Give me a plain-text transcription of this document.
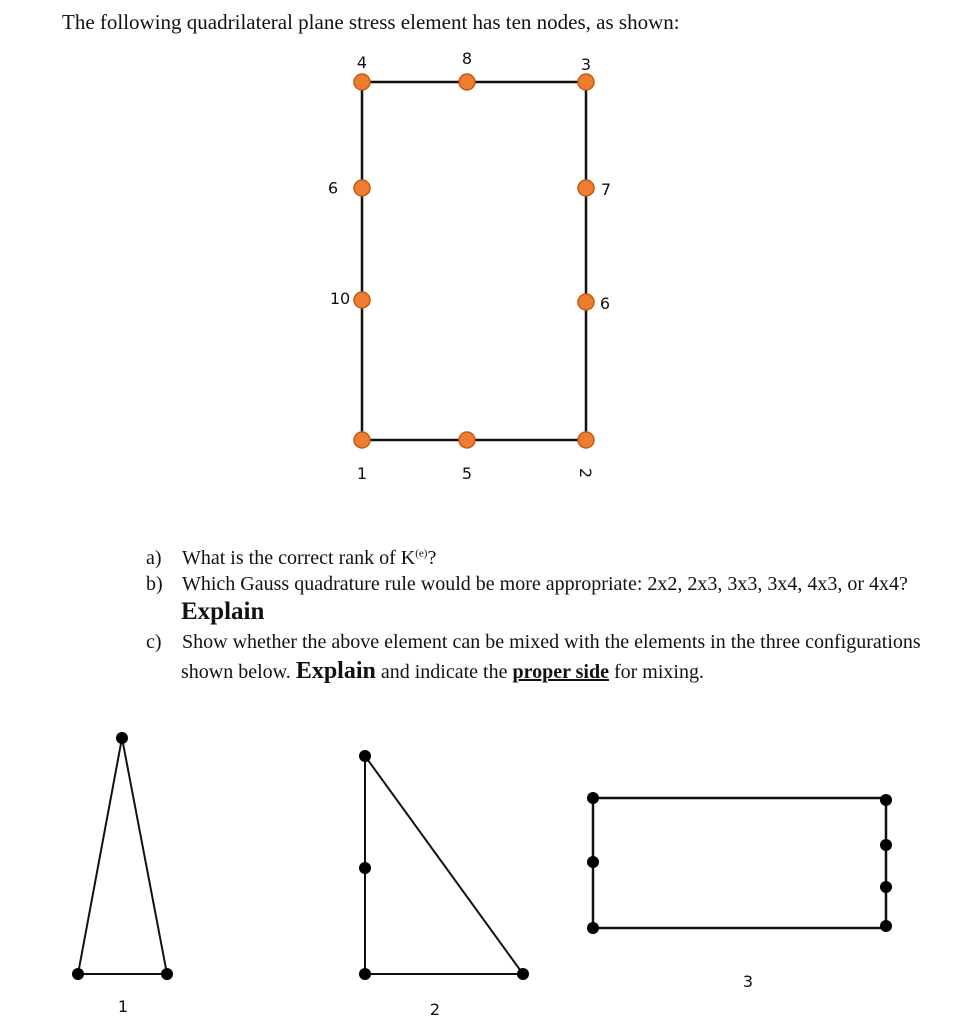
The following quadrilateral plane stress element has ten nodes, as shown:
1	2
3
4
5
6
7
8
9
10
a) What is the correct rank of $K^{(e)}$?
b) Which Gauss quadrature rule would be more appropriate: 2x2, 2x3, 3x3, 3x4, 4x3, or 4x4?
Explain
c) Show whether the above element can be mixed with the elements in the three configurations
shown below. Explain and indicate the proper side for mixing.
1	2
3
